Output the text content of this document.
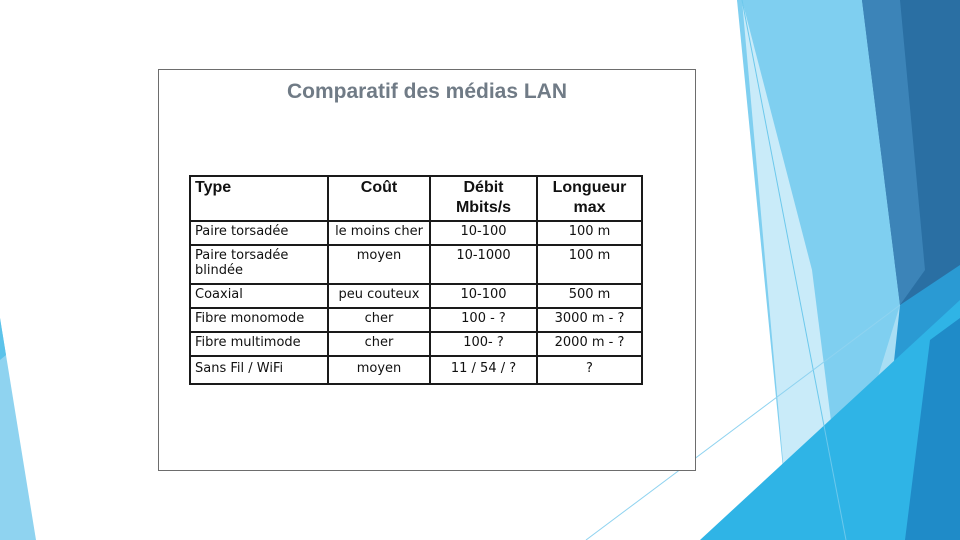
Comparatif des médias LAN
Type	Coût	Débit Mbits/s	Longueur max
Paire torsadée	le moins cher	10-100	100 m
Paire torsadée blindée	moyen	10-1000	100 m
Coaxial	peu couteux	10-100	500 m
Fibre monomode	cher	100 - ?	3000 m - ?
Fibre multimode	cher	100- ?	2000 m - ?
Sans Fil / WiFi	moyen	11 / 54 / ?	?
